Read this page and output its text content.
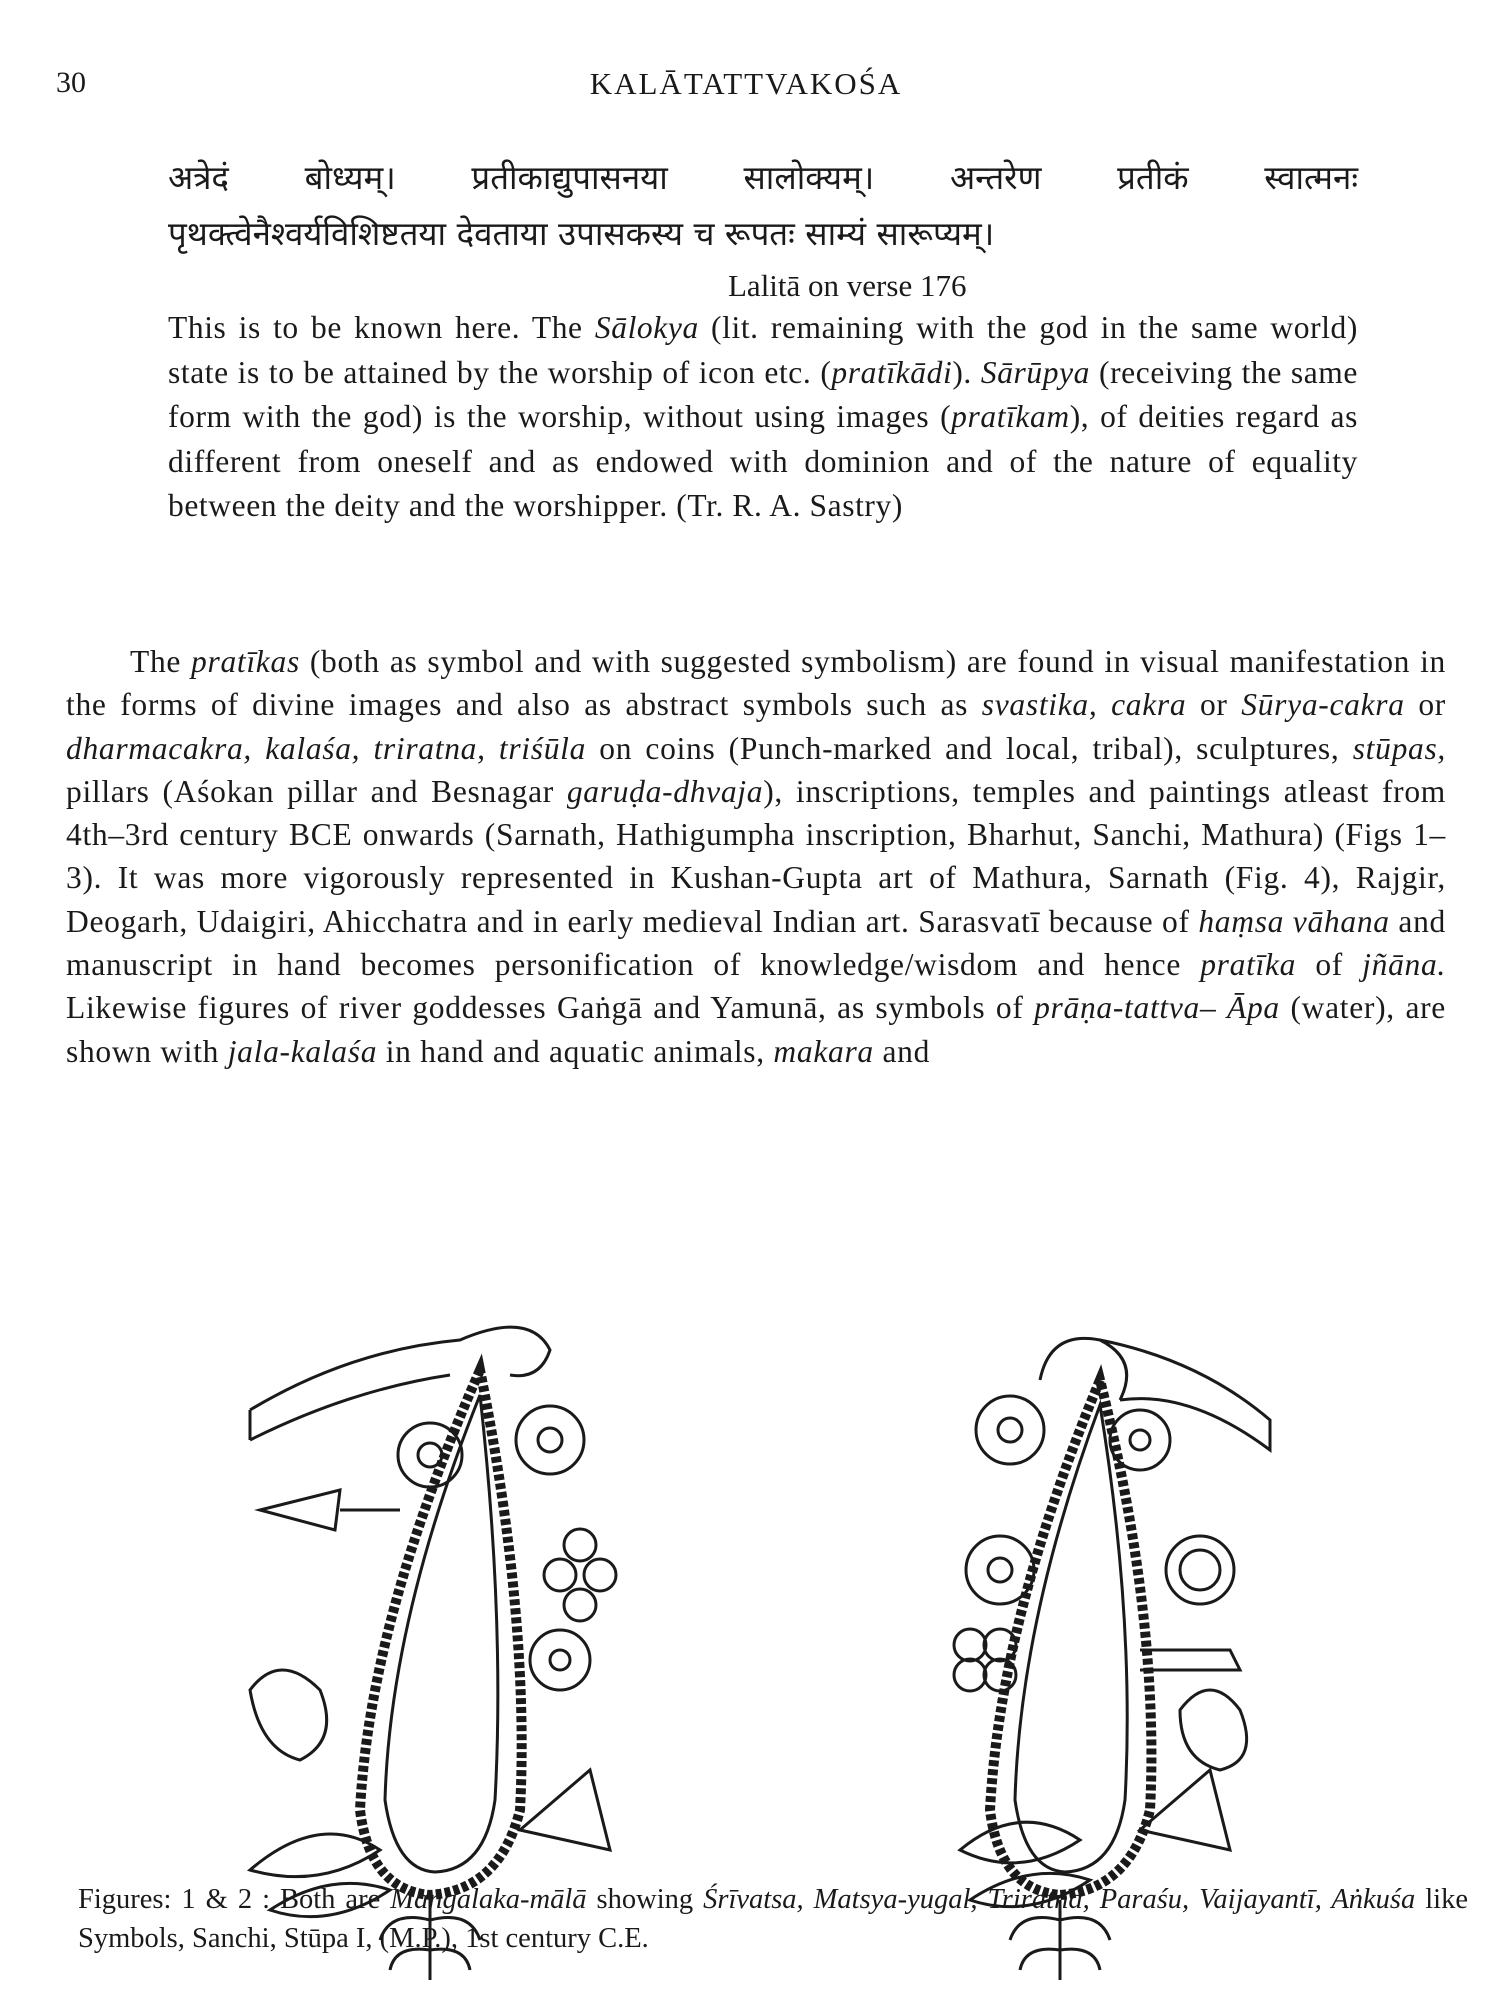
30	KALĀTATTVAKOŚA

अत्रेदं बोध्यम्। प्रतीकाद्युपासनया सालोक्यम्। अन्तरेण प्रतीकं स्वात्मनः

पृथक्त्वेनैश्वर्यविशिष्टतया देवताया उपासकस्य च रूपतः साम्यं सारूप्यम्।

Lalitā on verse 176

This is to be known here. The Sālokya (lit. remaining with the god in the same world) state is to be attained by the worship of icon etc. (pratīkādi). Sārūpya (receiving the same form with the god) is the worship, without using images (pratīkam), of deities regard as different from oneself and as endowed with dominion and of the nature of equality between the deity and the worshipper. (Tr. R. A. Sastry)

The pratīkas (both as symbol and with suggested symbolism) are found in visual manifestation in the forms of divine images and also as abstract symbols such as svastika, cakra or Sūrya-cakra or dharmacakra, kalaśa, triratna, triśūla on coins (Punch-marked and local, tribal), sculptures, stūpas, pillars (Aśokan pillar and Besnagar garuḍa-dhvaja), inscriptions, temples and paintings atleast from 4th–3rd century BCE onwards (Sarnath, Hathigumpha inscription, Bharhut, Sanchi, Mathura) (Figs 1–3). It was more vigorously represented in Kushan-Gupta art of Mathura, Sarnath (Fig. 4), Rajgir, Deogarh, Udaigiri, Ahicchatra and in early medieval Indian art. Sarasvatī because of haṃsa vāhana and manuscript in hand becomes personification of knowledge/wisdom and hence pratīka of jñāna. Likewise figures of river goddesses Gaṅgā and Yamunā, as symbols of prāṇa-tattva– Āpa (water), are shown with jala-kalaśa in hand and aquatic animals, makara and

Figures: 1 & 2 : Both are Maṅgalaka-mālā showing Śrīvatsa, Matsya-yugal, Triratna, Paraśu, Vaijayantī, Aṅkuśa like Symbols, Sanchi, Stūpa I, (M.P.), 1st century C.E.
